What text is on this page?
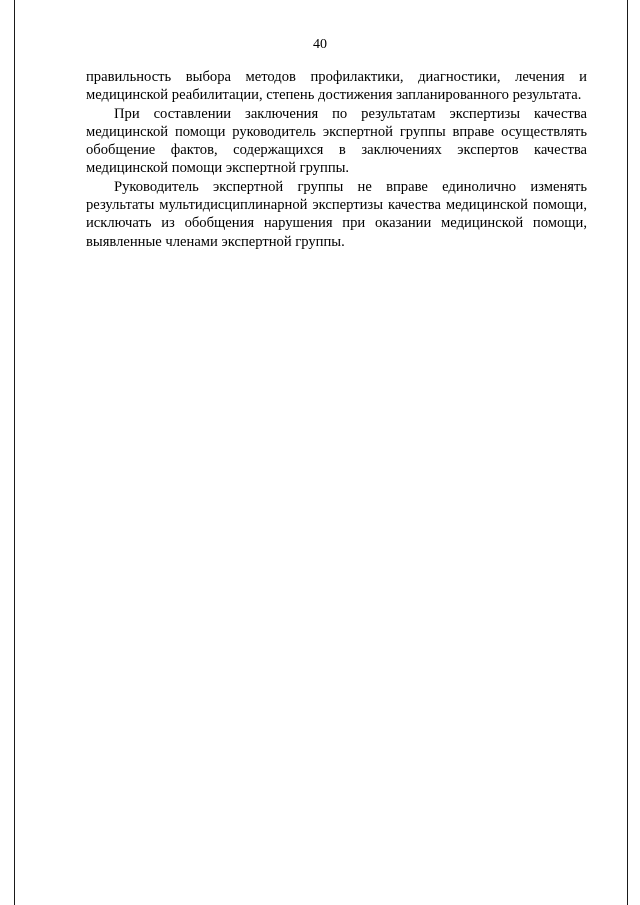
40

правильность выбора методов профилактики, диагностики, лечения и медицинской реабилитации, степень достижения запланированного результата.

При составлении заключения по результатам экспертизы качества медицинской помощи руководитель экспертной группы вправе осуществлять обобщение фактов, содержащихся в заключениях экспертов качества медицинской помощи экспертной группы.

Руководитель экспертной группы не вправе единолично изменять результаты мультидисциплинарной экспертизы качества медицинской помощи, исключать из обобщения нарушения при оказании медицинской помощи, выявленные членами экспертной группы.
